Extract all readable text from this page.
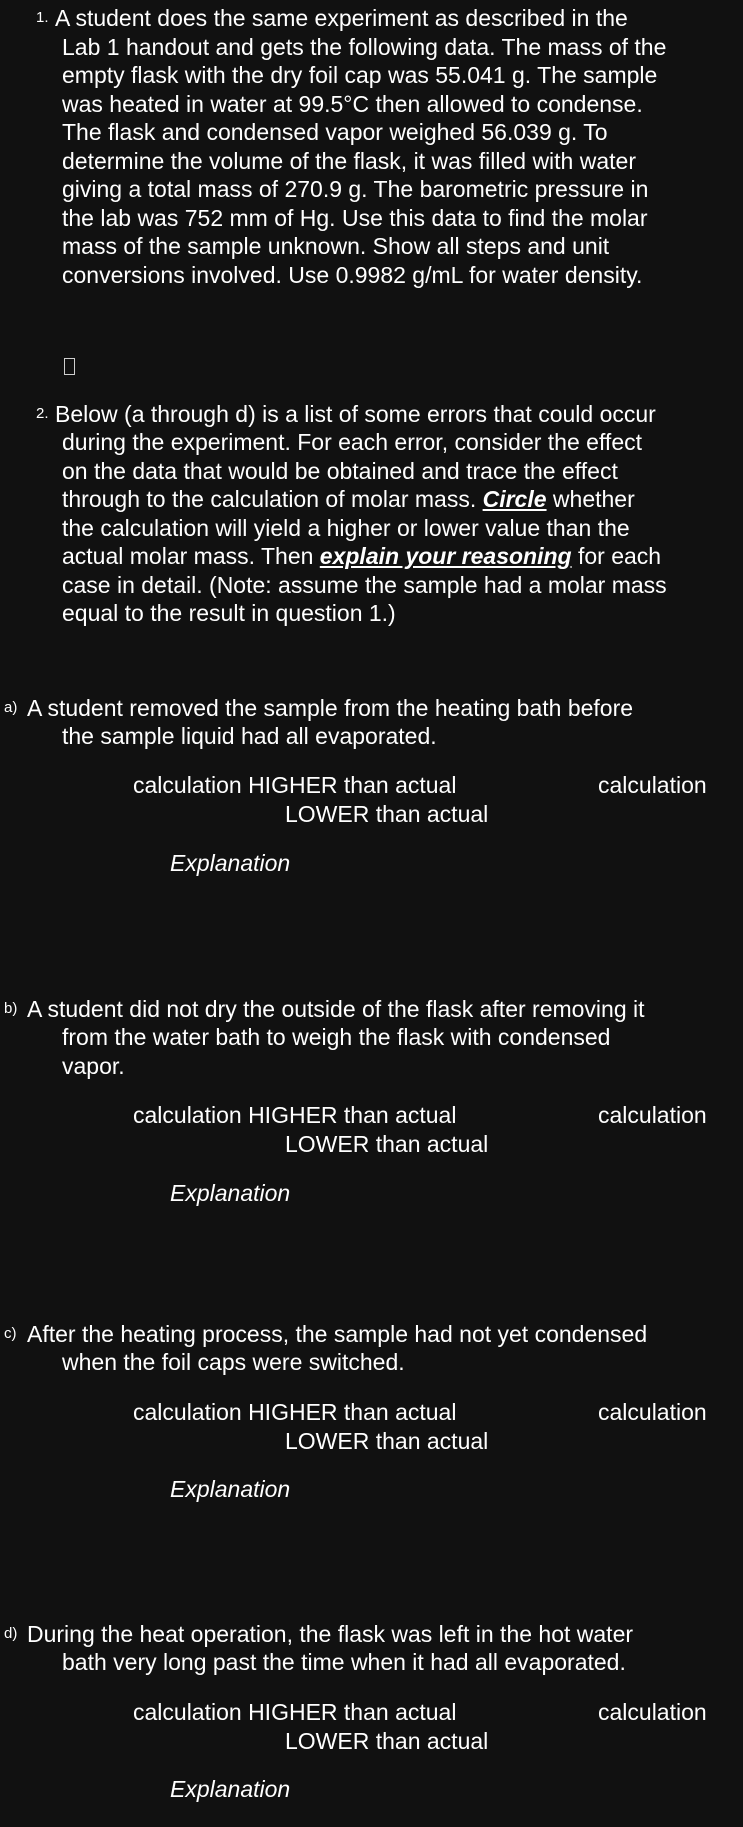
1. A student does the same experiment as described in the
Lab 1 handout and gets the following data. The mass of the
empty flask with the dry foil cap was 55.041 g. The sample
was heated in water at 99.5°C then allowed to condense.
The flask and condensed vapor weighed 56.039 g. To
determine the volume of the flask, it was filled with water
giving a total mass of 270.9 g. The barometric pressure in
the lab was 752 mm of Hg. Use this data to find the molar
mass of the sample unknown. Show all steps and unit
conversions involved. Use 0.9982 g/mL for water density.
2. Below (a through d) is a list of some errors that could occur
during the experiment. For each error, consider the effect
on the data that would be obtained and trace the effect
through to the calculation of molar mass. Circle whether
the calculation will yield a higher or lower value than the
actual molar mass. Then explain your reasoning for each
case in detail. (Note: assume the sample had a molar mass
equal to the result in question 1.)
a) A student removed the sample from the heating bath before
the sample liquid had all evaporated.
calculation HIGHER than actual	calculation
LOWER than actual
Explanation
b) A student did not dry the outside of the flask after removing it
from the water bath to weigh the flask with condensed
vapor.
calculation HIGHER than actual	calculation
LOWER than actual
Explanation
c) After the heating process, the sample had not yet condensed
when the foil caps were switched.
calculation HIGHER than actual	calculation
LOWER than actual
Explanation
d) During the heat operation, the flask was left in the hot water
bath very long past the time when it had all evaporated.
calculation HIGHER than actual	calculation
LOWER than actual
Explanation
